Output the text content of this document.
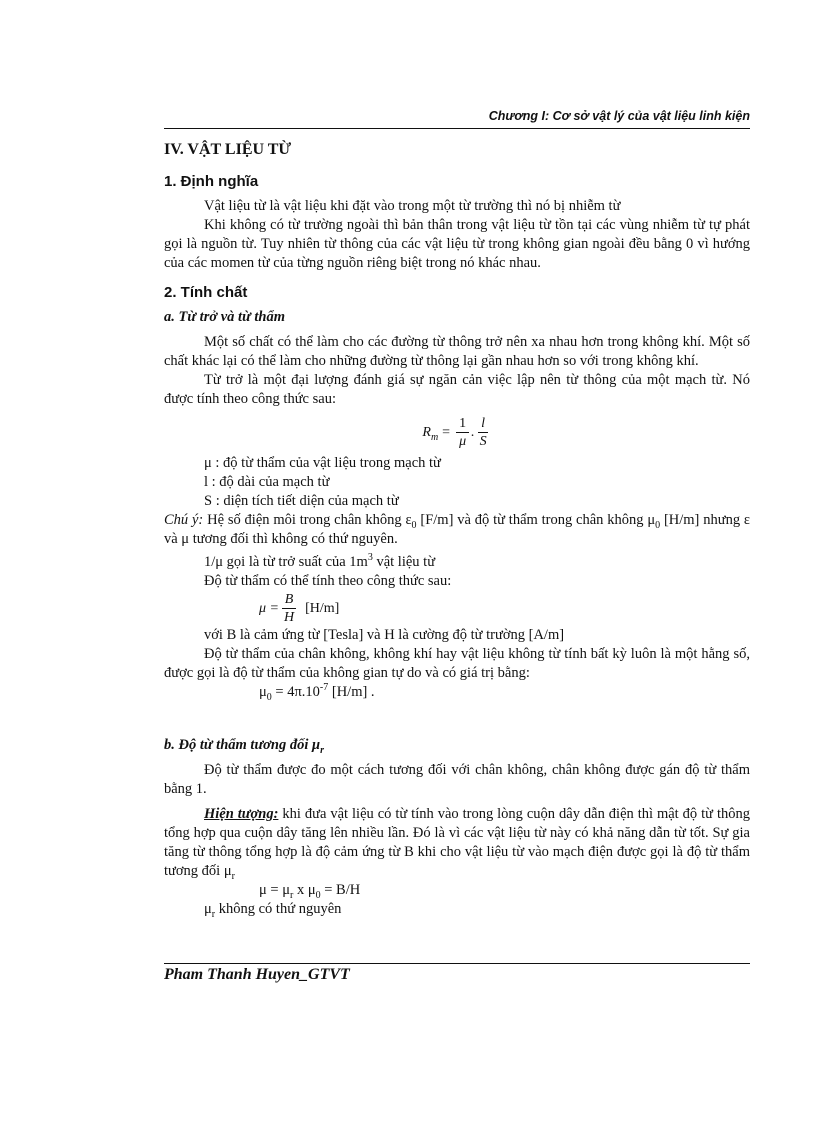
Chương I: Cơ sở vật lý của vật liệu linh kiện
IV. VẬT LIỆU TỪ
1. Định nghĩa

Vật liệu từ là vật liệu khi đặt vào trong một từ trường thì nó bị nhiễm từ

Khi không có từ trường ngoài thì bản thân trong vật liệu từ tồn tại các vùng nhiễm từ tự phát gọi là nguồn từ. Tuy nhiên từ thông của các vật liệu từ trong không gian ngoài đều bằng 0 vì hướng của các momen từ của từng nguồn riêng biệt trong nó khác nhau.

2. Tính chất
a. Từ trở và từ thẩm

Một số chất có thể làm cho các đường từ thông trở nên xa nhau hơn trong không khí. Một số chất khác lại có thể làm cho những đường từ thông lại gần nhau hơn so với trong không khí.

Từ trở là một đại lượng đánh giá sự ngăn cản việc lập nên từ thông của một mạch từ. Nó được tính theo công thức sau:

$R_m = \frac{1}{\mu}$ . $\frac{l}{S}$

μ : độ từ thẩm của vật liệu trong mạch từ

l : độ dài của mạch từ

S : diện tích tiết diện của mạch từ

Chú ý: Hệ số điện môi trong chân không $\varepsilon_0$ [F/m] và độ từ thẩm trong chân không $\mu_0$ [H/m] nhưng ε và μ tương đối thì không có thứ nguyên.

1/μ gọi là từ trở suất của $1m^3$ vật liệu từ

Độ từ thẩm có thể tính theo công thức sau:

$\mu = \frac{B}{H} [H/m]$

với B là cảm ứng từ [Tesla] và H là cường độ từ trường [A/m]

Độ từ thẩm của chân không, không khí hay vật liệu không từ tính bất kỳ luôn là một hằng số, được gọi là độ từ thẩm của không gian tự do và có giá trị bằng:

$\mu_0 = 4\pi.10^{-7}$ [H/m] .

b. Độ từ thẩm tương đối $\mu_r$

Độ từ thẩm được đo một cách tương đối với chân không, chân không được gán độ từ thẩm bằng 1.

Hiện tượng: khi đưa vật liệu có từ tính vào trong lòng cuộn dây dẫn điện thì mật độ từ thông tổng hợp qua cuộn dây tăng lên nhiều lần. Đó là vì các vật liệu từ này có khả năng dẫn từ tốt. Sự gia tăng từ thông tổng hợp là độ cảm ứng từ B khi cho vật liệu từ vào mạch điện được gọi là độ từ thẩm tương đối $\mu_r$

$\mu = \mu_r$ x $\mu_0 = B/H$

$\mu_r$ không có thứ nguyên

Pham Thanh Huyen_GTVT
